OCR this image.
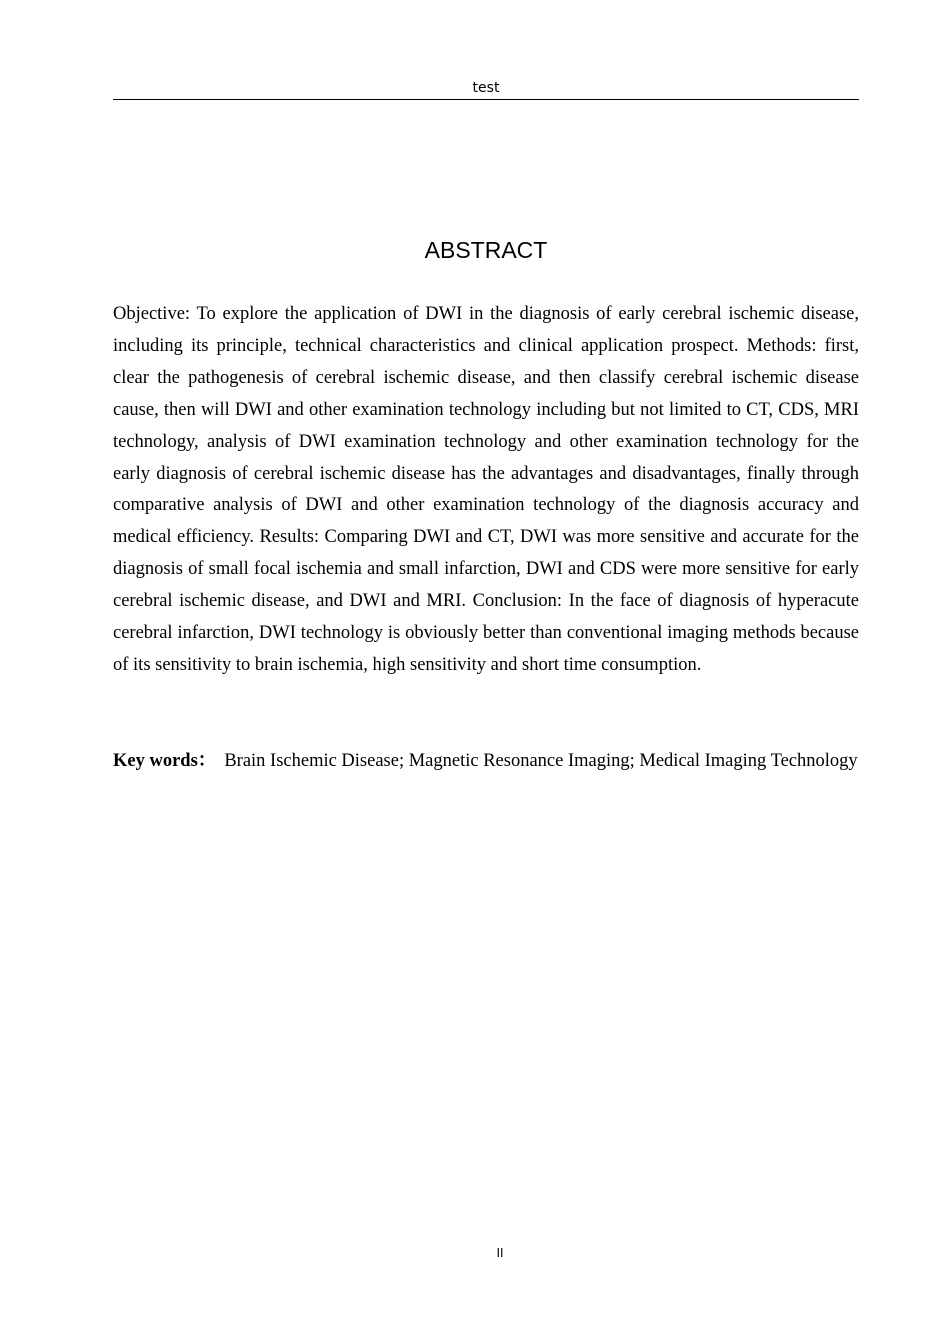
test
ABSTRACT

Objective: To explore the application of DWI in the diagnosis of early cerebral ischemic disease, including its principle, technical characteristics and clinical application prospect. Methods: first, clear the pathogenesis of cerebral ischemic disease, and then classify cerebral ischemic disease cause, then will DWI and other examination technology including but not limited to CT, CDS, MRI technology, analysis of DWI examination technology and other examination technology for the early diagnosis of cerebral ischemic disease has the advantages and disadvantages, finally through comparative analysis of DWI and other examination technology of the diagnosis accuracy and medical efficiency. Results: Comparing DWI and CT, DWI was more sensitive and accurate for the diagnosis of small focal ischemia and small infarction, DWI and CDS were more sensitive for early cerebral ischemic disease, and DWI and MRI. Conclusion: In the face of diagnosis of hyperacute cerebral infarction, DWI technology is obviously better than conventional imaging methods because of its sensitivity to brain ischemia, high sensitivity and short time consumption.

Key words： Brain Ischemic Disease; Magnetic Resonance Imaging; Medical Imaging Technology

II
